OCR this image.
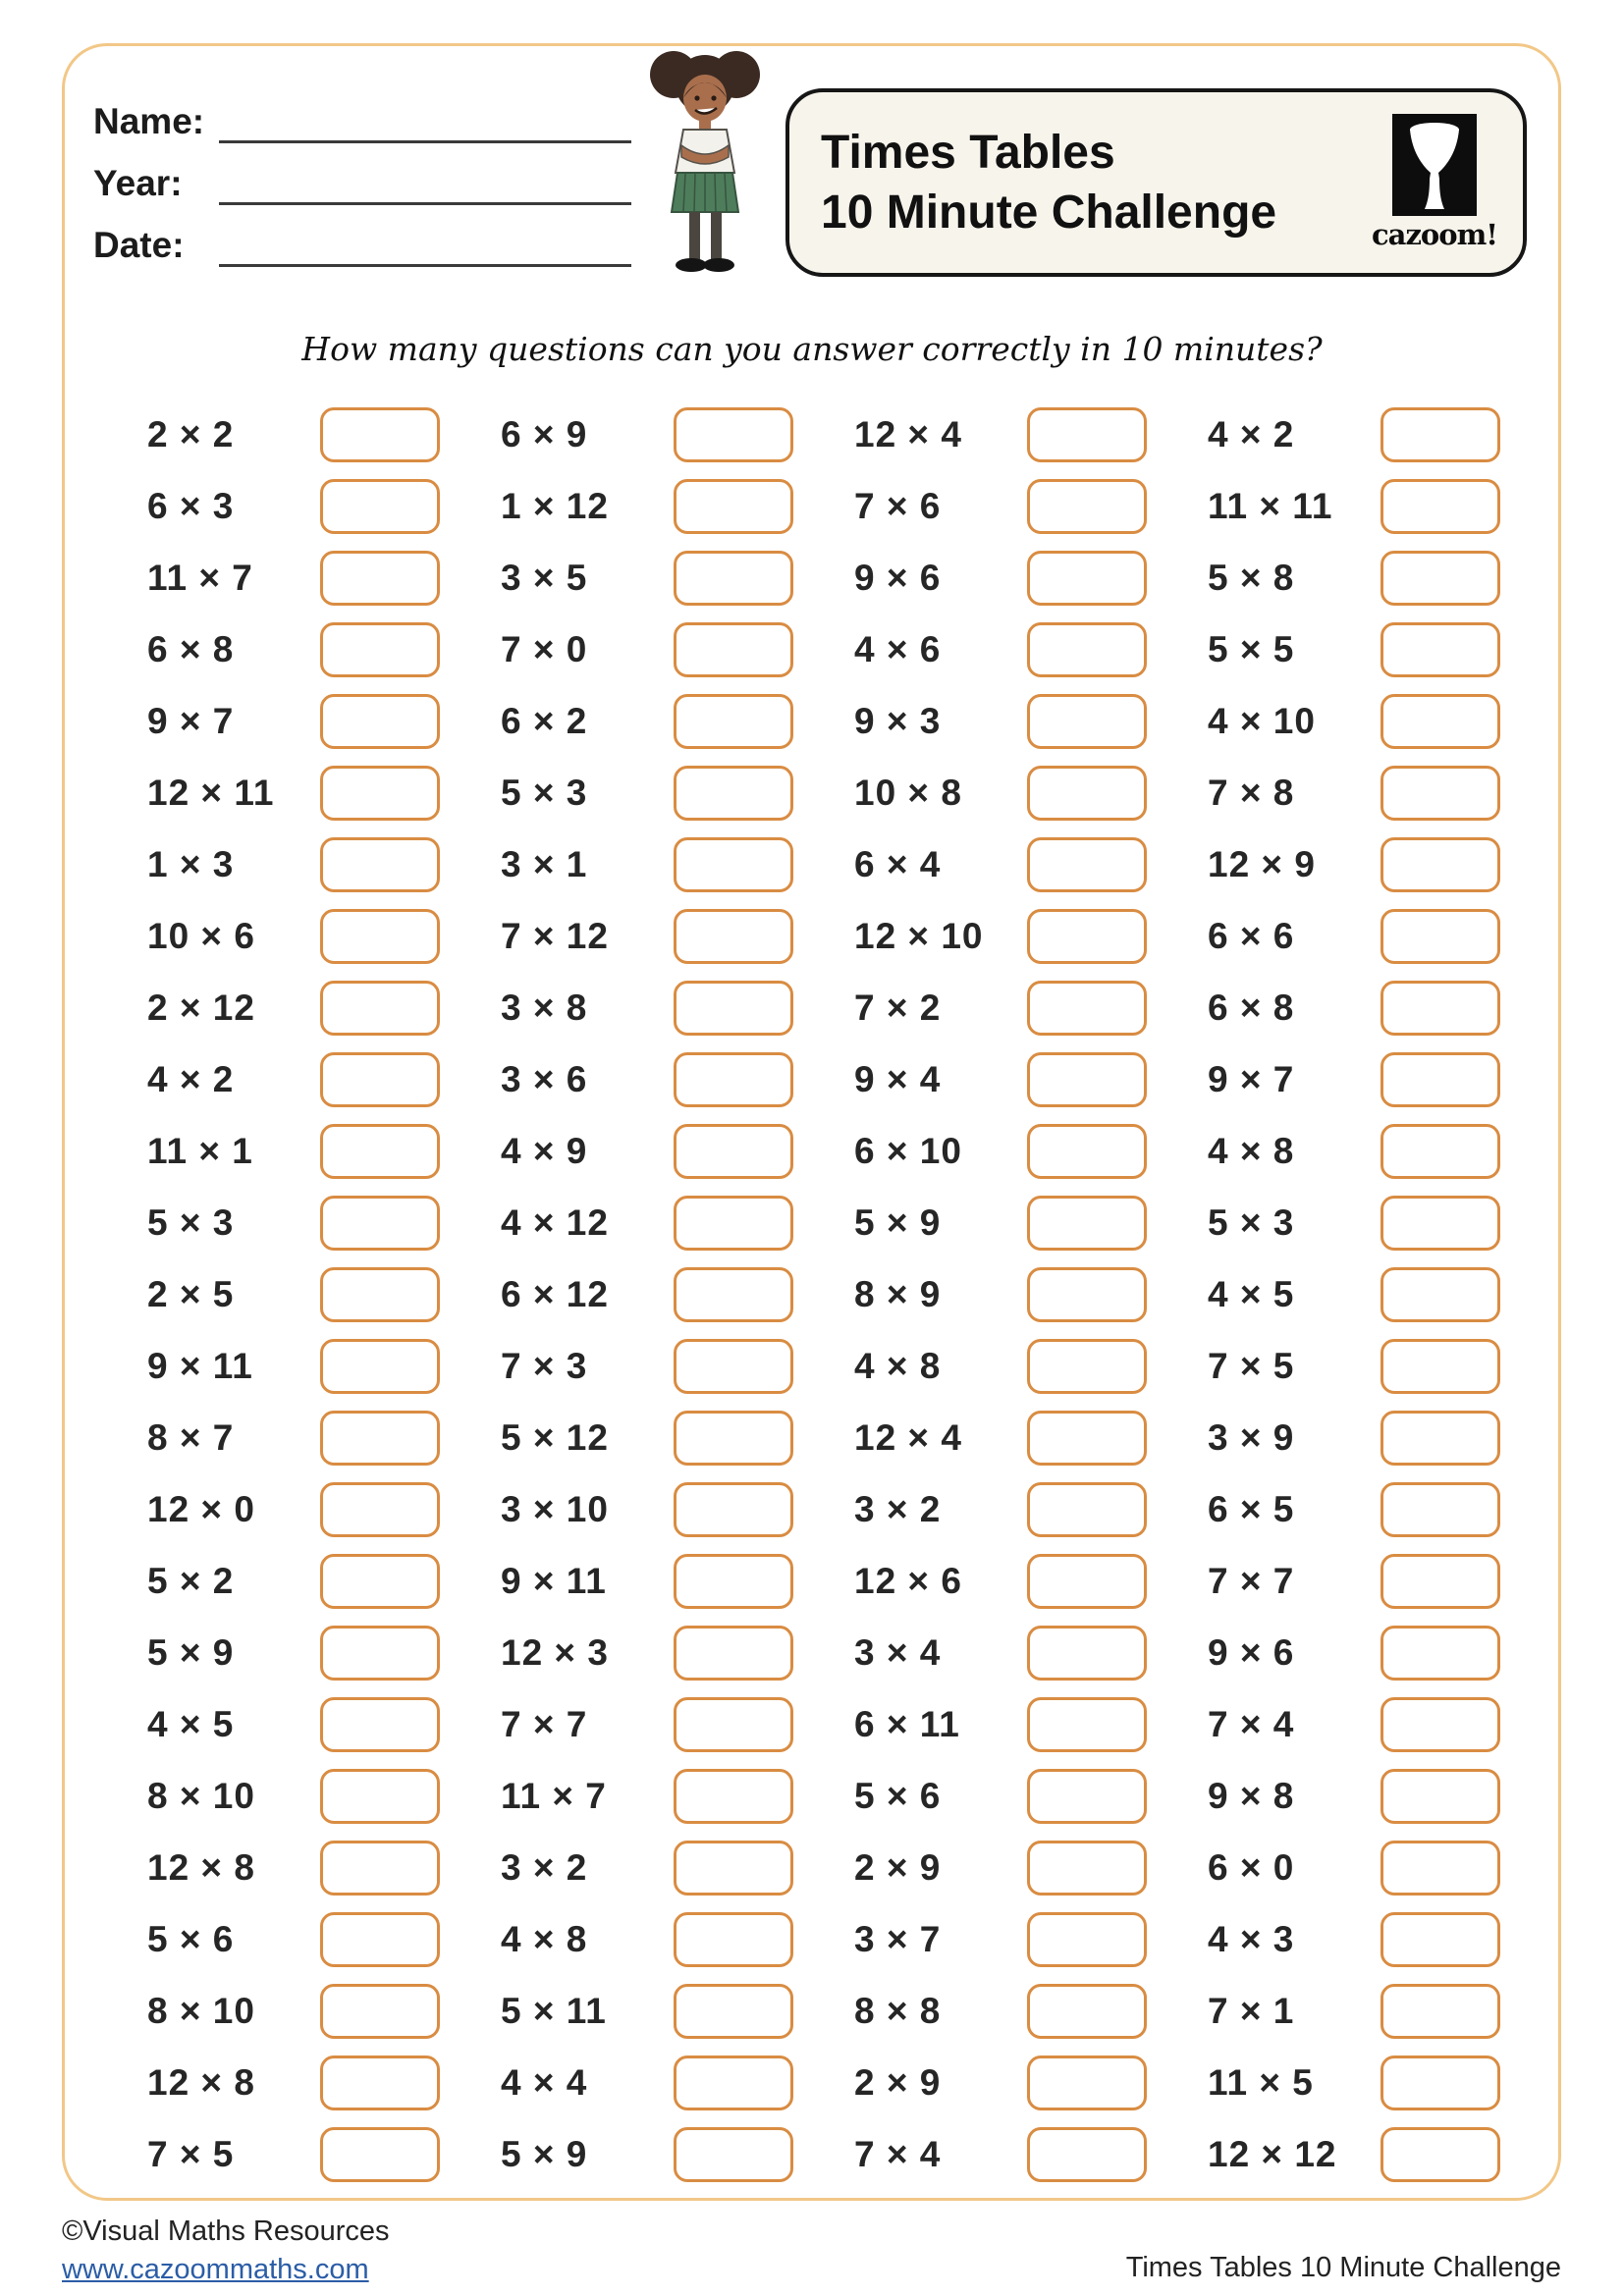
Name:
Year:
Date:
Times Tables
10 Minute Challenge	cazoom!
How many questions can you answer correctly in 10 minutes?
2 × 2	6 × 9	12 × 4	4 × 2
6 × 3	1 × 12	7 × 6	11 × 11
11 × 7	3 × 5	9 × 6	5 × 8
6 × 8	7 × 0	4 × 6	5 × 5
9 × 7	6 × 2	9 × 3	4 × 10
12 × 11	5 × 3	10 × 8	7 × 8
1 × 3	3 × 1	6 × 4	12 × 9
10 × 6	7 × 12	12 × 10	6 × 6
2 × 12	3 × 8	7 × 2	6 × 8
4 × 2	3 × 6	9 × 4	9 × 7
11 × 1	4 × 9	6 × 10	4 × 8
5 × 3	4 × 12	5 × 9	5 × 3
2 × 5	6 × 12	8 × 9	4 × 5
9 × 11	7 × 3	4 × 8	7 × 5
8 × 7	5 × 12	12 × 4	3 × 9
12 × 0	3 × 10	3 × 2	6 × 5
5 × 2	9 × 11	12 × 6	7 × 7
5 × 9	12 × 3	3 × 4	9 × 6
4 × 5	7 × 7	6 × 11	7 × 4
8 × 10	11 × 7	5 × 6	9 × 8
12 × 8	3 × 2	2 × 9	6 × 0
5 × 6	4 × 8	3 × 7	4 × 3
8 × 10	5 × 11	8 × 8	7 × 1
12 × 8	4 × 4	2 × 9	11 × 5
7 × 5	5 × 9	7 × 4	12 × 12
©Visual Maths Resources
www.cazoommaths.com	Times Tables 10 Minute Challenge
